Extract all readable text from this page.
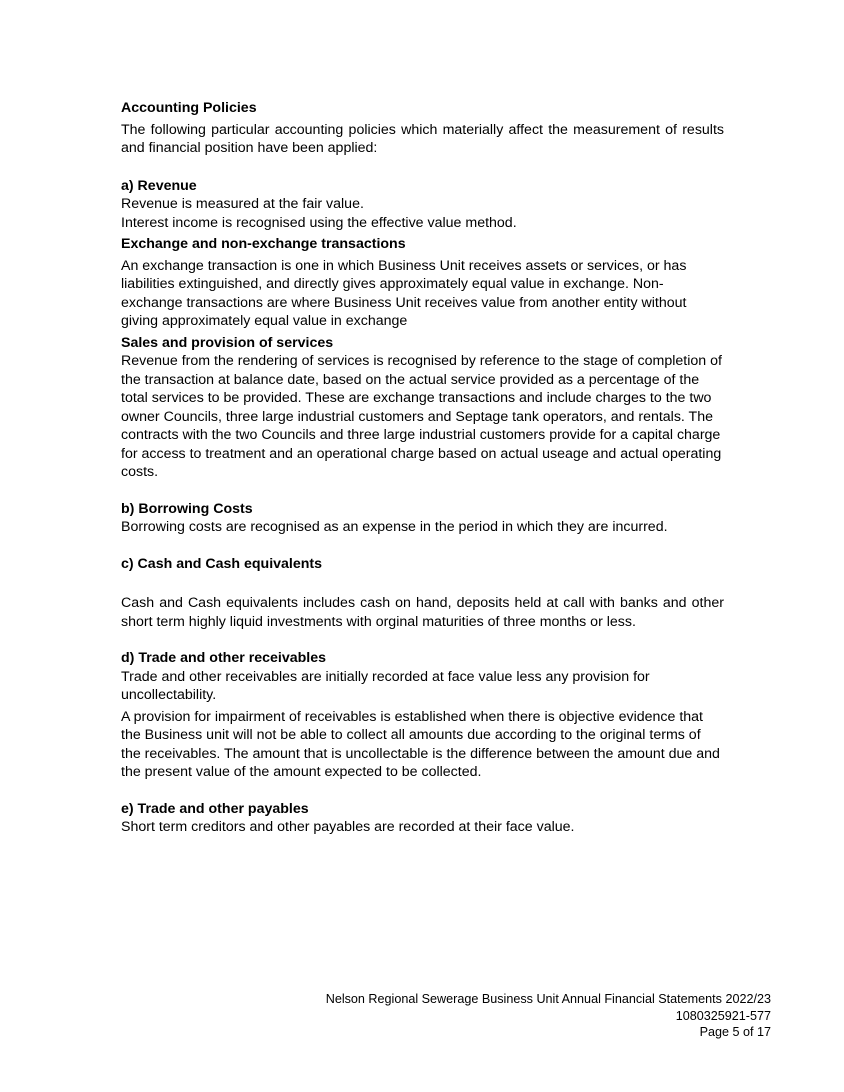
Accounting Policies

The following particular accounting policies which materially affect the measurement of results and financial position have been applied:

a) Revenue

Revenue is measured at the fair value.

Interest income is recognised using the effective value method.

Exchange and non-exchange transactions

An exchange transaction is one in which Business Unit receives assets or services, or has liabilities extinguished, and directly gives approximately equal value in exchange. Non-exchange transactions are where Business Unit receives value from another entity without giving approximately equal value in exchange

Sales and provision of services

Revenue from the rendering of services is recognised by reference to the stage of completion of the transaction at balance date, based on the actual service provided as a percentage of the total services to be provided. These are exchange transactions and include charges to the two owner Councils, three large industrial customers and Septage tank operators, and rentals. The contracts with the two Councils and three large industrial customers provide for a capital charge for access to treatment and an operational charge based on actual useage and actual operating costs.

b) Borrowing Costs

Borrowing costs are recognised as an expense in the period in which they are incurred.

c) Cash and Cash equivalents

Cash and Cash equivalents includes cash on hand, deposits held at call with banks and other short term highly liquid investments with orginal maturities of three months or less.

d) Trade and other receivables

Trade and other receivables are initially recorded at face value less any provision for uncollectability.

A provision for impairment of receivables is established when there is objective evidence that the Business unit will not be able to collect all amounts due according to the original terms of the receivables. The amount that is uncollectable is the difference between the amount due and the present value of the amount expected to be collected.

e) Trade and other payables

Short term creditors and other payables are recorded at their face value.

Nelson Regional Sewerage Business Unit Annual Financial Statements 2022/23
1080325921-577
Page 5 of 17
